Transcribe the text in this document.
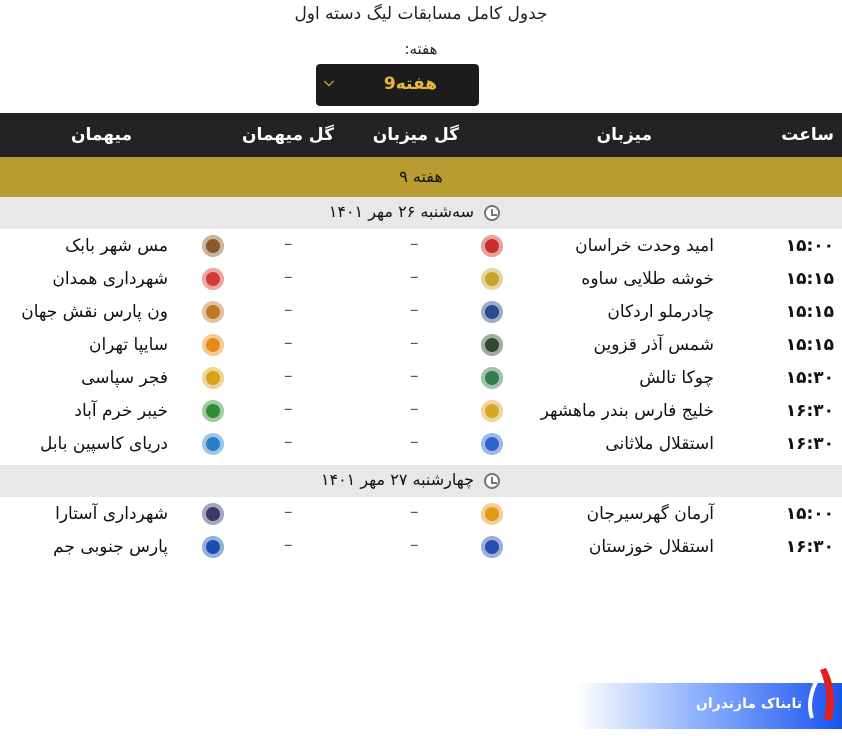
جدول کامل مسابقات لیگ دسته اول
هفته:
هفته9
⌵
ساعت
میزبان
گل میزبان
گل میهمان
میهمان
هفته ۹
سه‌شنبه ۲۶ مهر ۱۴۰۱
۱۵:۰۰
امید وحدت خراسان
–
–
مس شهر بابک
۱۵:۱۵
خوشه طلایی ساوه
–
–
شهرداری همدان
۱۵:۱۵
چادرملو اردکان
–
–
ون پارس نقش جهان
۱۵:۱۵
شمس آذر قزوین
–
–
سایپا تهران
۱۵:۳۰
چوکا تالش
–
–
فجر سپاسی
۱۶:۳۰
خلیج فارس بندر ماهشهر
–
–
خیبر خرم آباد
۱۶:۳۰
استقلال ملاثانی
–
–
دریای کاسپین بابل
چهارشنبه ۲۷ مهر ۱۴۰۱
۱۵:۰۰
آرمان گهرسیرجان
–
–
شهرداری آستارا
۱۶:۳۰
استقلال خوزستان
–
–
پارس جنوبی جم
تابناک مازندران
